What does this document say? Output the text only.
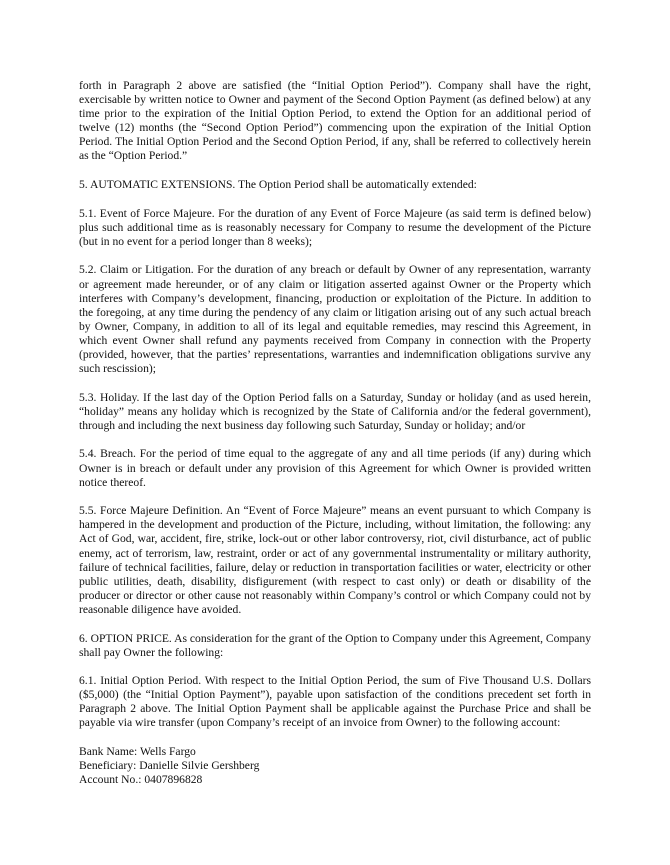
forth in Paragraph 2 above are satisfied (the “Initial Option Period”). Company shall have the right, exercisable by written notice to Owner and payment of the Second Option Payment (as defined below) at any time prior to the expiration of the Initial Option Period, to extend the Option for an additional period of twelve (12) months (the “Second Option Period”) commencing upon the expiration of the Initial Option Period. The Initial Option Period and the Second Option Period, if any, shall be referred to collectively herein as the “Option Period.”

5. AUTOMATIC EXTENSIONS. The Option Period shall be automatically extended:

5.1. Event of Force Majeure. For the duration of any Event of Force Majeure (as said term is defined below) plus such additional time as is reasonably necessary for Company to resume the development of the Picture (but in no event for a period longer than 8 weeks);

5.2. Claim or Litigation. For the duration of any breach or default by Owner of any representation, warranty or agreement made hereunder, or of any claim or litigation asserted against Owner or the Property which interferes with Company’s development, financing, production or exploitation of the Picture. In addition to the foregoing, at any time during the pendency of any claim or litigation arising out of any such actual breach by Owner, Company, in addition to all of its legal and equitable remedies, may rescind this Agreement, in which event Owner shall refund any payments received from Company in connection with the Property (provided, however, that the parties’ representations, warranties and indemnification obligations survive any such rescission);

5.3. Holiday. If the last day of the Option Period falls on a Saturday, Sunday or holiday (and as used herein, “holiday” means any holiday which is recognized by the State of California and/or the federal government), through and including the next business day following such Saturday, Sunday or holiday; and/or

5.4. Breach. For the period of time equal to the aggregate of any and all time periods (if any) during which Owner is in breach or default under any provision of this Agreement for which Owner is provided written notice thereof.

5.5. Force Majeure Definition. An “Event of Force Majeure” means an event pursuant to which Company is hampered in the development and production of the Picture, including, without limitation, the following: any Act of God, war, accident, fire, strike, lock-out or other labor controversy, riot, civil disturbance, act of public enemy, act of terrorism, law, restraint, order or act of any governmental instrumentality or military authority, failure of technical facilities, failure, delay or reduction in transportation facilities or water, electricity or other public utilities, death, disability, disfigurement (with respect to cast only) or death or disability of the producer or director or other cause not reasonably within Company’s control or which Company could not by reasonable diligence have avoided.

6. OPTION PRICE. As consideration for the grant of the Option to Company under this Agreement, Company shall pay Owner the following:

6.1. Initial Option Period. With respect to the Initial Option Period, the sum of Five Thousand U.S. Dollars ($5,000) (the “Initial Option Payment”), payable upon satisfaction of the conditions precedent set forth in Paragraph 2 above. The Initial Option Payment shall be applicable against the Purchase Price and shall be payable via wire transfer (upon Company’s receipt of an invoice from Owner) to the following account:

Bank Name: Wells Fargo
Beneficiary: Danielle Silvie Gershberg
Account No.: 0407896828
